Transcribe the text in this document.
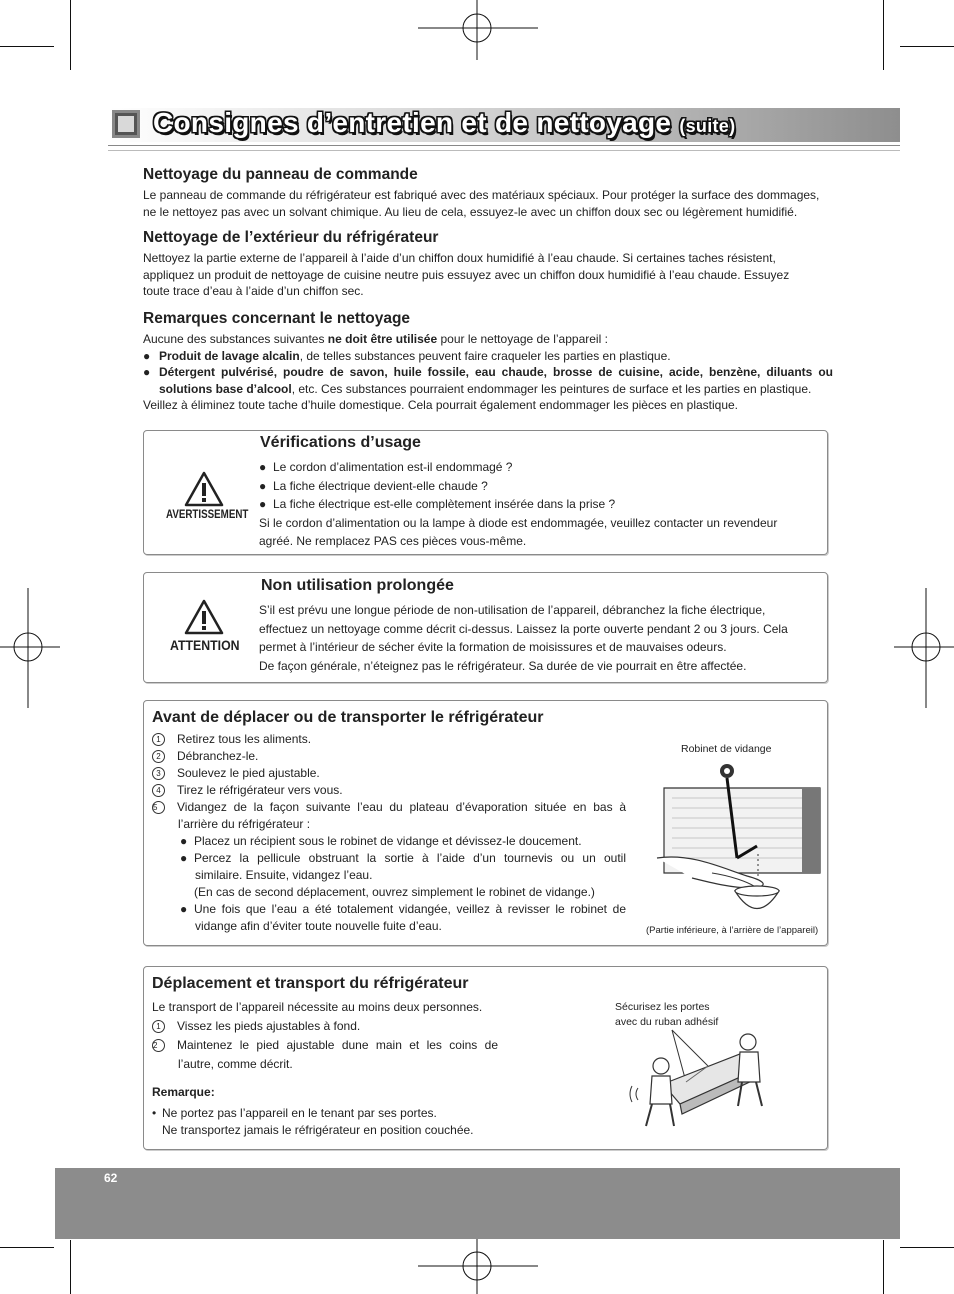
Consignes d’entretien et de nettoyage (suite)
Nettoyage du panneau de commande
Le panneau de commande du réfrigérateur est fabriqué avec des matériaux spéciaux. Pour protéger la surface des dommages,
ne le nettoyez pas avec un solvant chimique. Au lieu de cela, essuyez-le avec un chiffon doux sec ou légèrement humidifié.
Nettoyage de l’extérieur du réfrigérateur
Nettoyez la partie externe de l’appareil à l’aide d’un chiffon doux humidifié à l’eau chaude. Si certaines taches résistent,
appliquez un produit de nettoyage de cuisine neutre puis essuyez avec un chiffon doux humidifié à l’eau chaude. Essuyez
toute trace d’eau à l’aide d’un chiffon sec.
Remarques concernant le nettoyage
Aucune des substances suivantes ne doit être utilisée pour le nettoyage de l’appareil :
● Produit de lavage alcalin, de telles substances peuvent faire craqueler les parties en plastique.
● Détergent pulvérisé, poudre de savon, huile fossile, eau chaude, brosse de cuisine, acide, benzène, diluants ou
solutions base d’alcool, etc. Ces substances pourraient endommager les peintures de surface et les parties en plastique.
Veillez à éliminez toute tache d’huile domestique. Cela pourrait également endommager les pièces en plastique.
AVERTISSEMENT
Vérifications d’usage
● Le cordon d’alimentation est-il endommagé ?
● La fiche électrique devient-elle chaude ?
● La fiche électrique est-elle complètement insérée dans la prise ?
Si le cordon d’alimentation ou la lampe à diode est endommagée, veuillez contacter un revendeur
agréé. Ne remplacez PAS ces pièces vous-même.
ATTENTION
Non utilisation prolongée
S’il est prévu une longue période de non-utilisation de l’appareil, débranchez la fiche électrique,
effectuez un nettoyage comme décrit ci-dessus. Laissez la porte ouverte pendant 2 ou 3 jours. Cela
permet à l’intérieur de sécher évite la formation de moisissures et de mauvaises odeurs.
De façon générale, n’éteignez pas le réfrigérateur. Sa durée de vie pourrait en être affectée.
Avant de déplacer ou de transporter le réfrigérateur
1 Retirez tous les aliments.
2 Débranchez-le.
3 Soulevez le pied ajustable.
4 Tirez le réfrigérateur vers vous.
5 Vidangez de la façon suivante l’eau du plateau d’évaporation située en bas à
l’arrière du réfrigérateur :
● Placez un récipient sous le robinet de vidange et dévissez-le doucement.
● Percez la pellicule obstruant la sortie à l’aide d’un tournevis ou un outil
similaire. Ensuite, vidangez l’eau.
(En cas de second déplacement, ouvrez simplement le robinet de vidange.)
● Une fois que l’eau a été totalement vidangée, veillez à revisser le robinet de
vidange afin d’éviter toute nouvelle fuite d’eau.
Robinet de vidange
(Partie inférieure, à l’arrière de l’appareil)
Déplacement et transport du réfrigérateur
Le transport de l’appareil nécessite au moins deux personnes.
1 Vissez les pieds ajustables à fond.
2 Maintenez le pied ajustable dune main et les coins de
l’autre, comme décrit.
Remarque:
• Ne portez pas l’appareil en le tenant par ses portes.
Ne transportez jamais le réfrigérateur en position couchée.
Sécurisez les portes
avec du ruban adhésif
62
